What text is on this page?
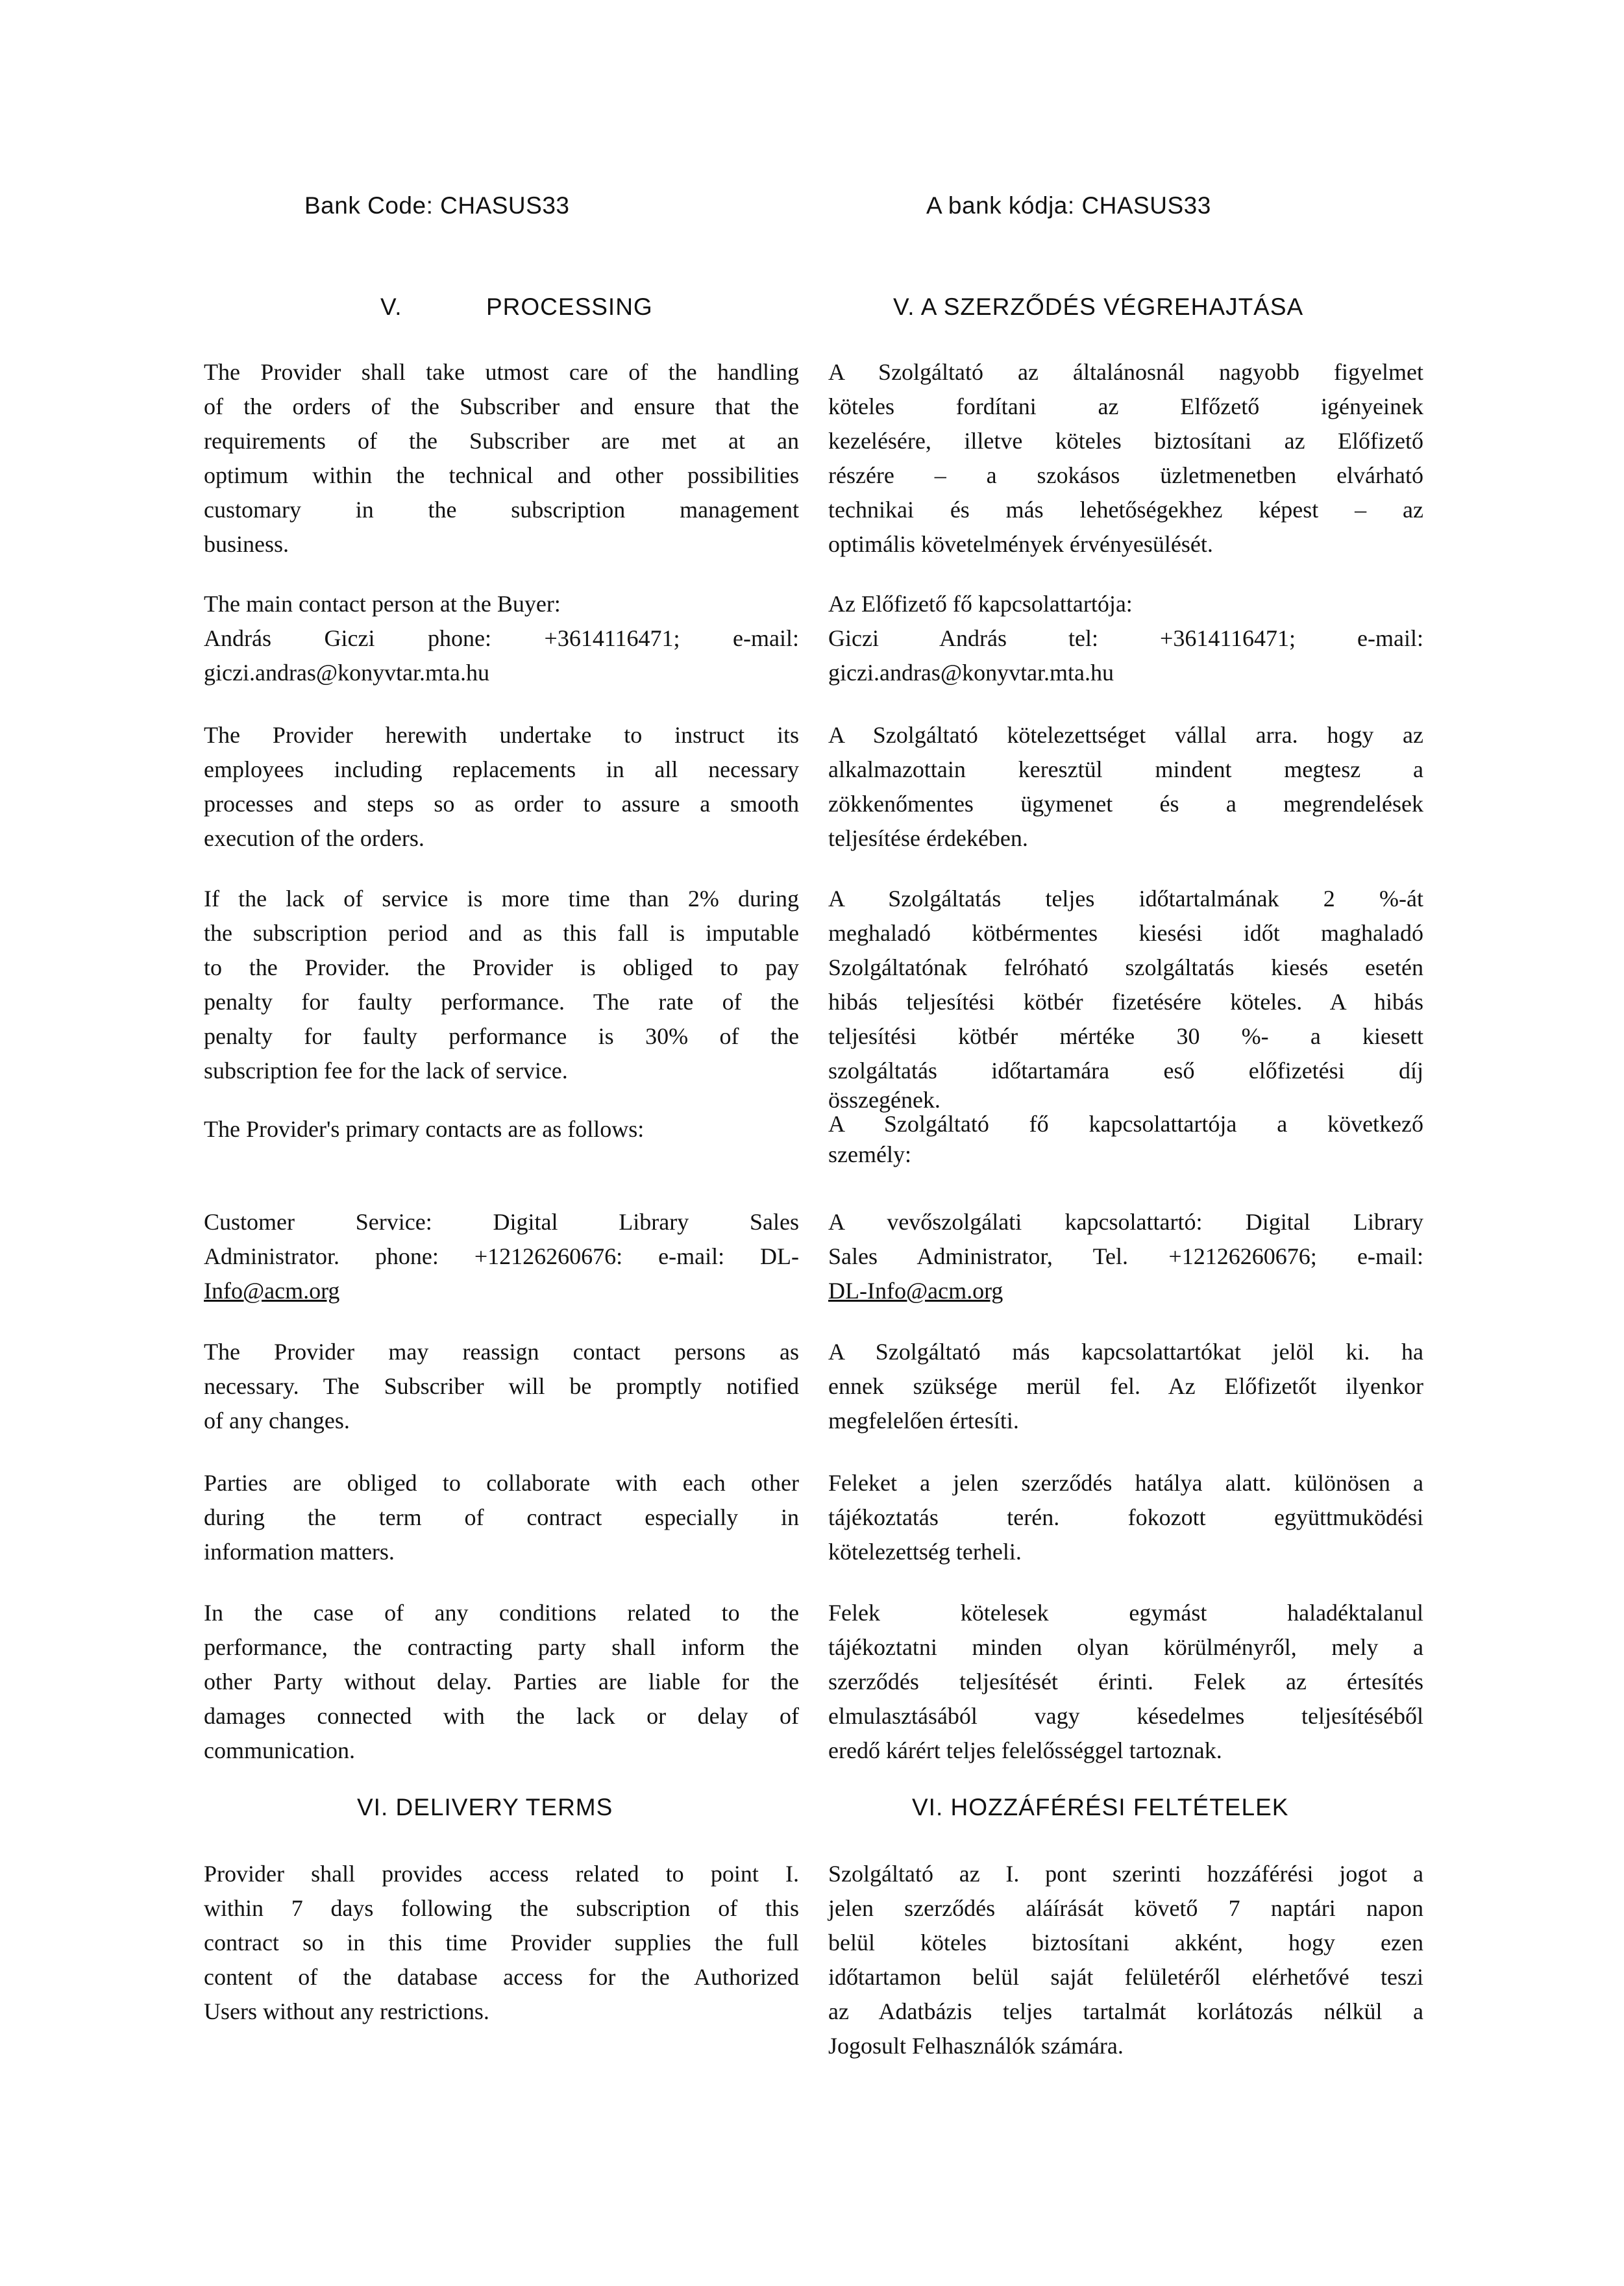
Bank Code: CHASUS33	A bank kódja: CHASUS33
V.	PROCESSING	V. A SZERZŐDÉS VÉGREHAJTÁSA
The Provider shall take utmost care of the handling
of the orders of the Subscriber and ensure that the
requirements of the Subscriber are met at an
optimum within the technical and other possibilities
customary in the subscription management
business.
The main contact person at the Buyer:
András Giczi phone: +3614116471; e-mail:
giczi.andras@konyvtar.mta.hu
The Provider herewith undertake to instruct its
employees including replacements in all necessary
processes and steps so as order to assure a smooth
execution of the orders.
If the lack of service is more time than 2% during
the subscription period and as this fall is imputable
to the Provider. the Provider is obliged to pay
penalty for faulty performance. The rate of the
penalty for faulty performance is 30% of the
subscription fee for the lack of service.
The Provider's primary contacts are as follows:
Customer Service: Digital Library Sales
Administrator. phone: +12126260676: e-mail: DL-
Info@acm.org
The Provider may reassign contact persons as
necessary. The Subscriber will be promptly notified
of any changes.
Parties are obliged to collaborate with each other
during the term of contract especially in
information matters.
In the case of any conditions related to the
performance, the contracting party shall inform the
other Party without delay. Parties are liable for the
damages connected with the lack or delay of
communication.
VI. DELIVERY TERMS	VI. HOZZÁFÉRÉSI FELTÉTELEK
Provider shall provides access related to point I.
within 7 days following the subscription of this
contract so in this time Provider supplies the full
content of the database access for the Authorized
Users without any restrictions.
A Szolgáltató az általánosnál nagyobb figyelmet
köteles fordítani az Elfőzető igényeinek
kezelésére, illetve köteles biztosítani az Előfizető
részére – a szokásos üzletmenetben elvárható
technikai és más lehetőségekhez képest – az
optimális követelmények érvényesülését.
Az Előfizető fő kapcsolattartója:
Giczi András tel: +3614116471; e-mail:
giczi.andras@konyvtar.mta.hu
A Szolgáltató kötelezettséget vállal arra. hogy az
alkalmazottain keresztül mindent megtesz a
zökkenőmentes ügymenet és a megrendelések
teljesítése érdekében.
A Szolgáltatás teljes időtartalmának 2 %-át
meghaladó kötbérmentes kiesési időt maghaladó
Szolgáltatónak felróható szolgáltatás kiesés esetén
hibás teljesítési kötbér fizetésére köteles. A hibás
teljesítési kötbér mértéke 30 %- a kiesett
szolgáltatás időtartamára eső előfizetési díj
összegének.
A Szolgáltató fő kapcsolattartója a következő
személy:
A vevőszolgálati kapcsolattartó: Digital Library
Sales Administrator, Tel. +12126260676; e-mail:
DL-Info@acm.org
A Szolgáltató más kapcsolattartókat jelöl ki. ha
ennek szüksége merül fel. Az Előfizetőt ilyenkor
megfelelően értesíti.
Feleket a jelen szerződés hatálya alatt. különösen a
tájékoztatás terén. fokozott együttmuködési
kötelezettség terheli.
Felek kötelesek egymást haladéktalanul
tájékoztatni minden olyan körülményről, mely a
szerződés teljesítését érinti. Felek az értesítés
elmulasztásából vagy késedelmes teljesítéséből
eredő kárért teljes felelősséggel tartoznak.
Szolgáltató az I. pont szerinti hozzáférési jogot a
jelen szerződés aláírását követő 7 naptári napon
belül köteles biztosítani akként, hogy ezen
időtartamon belül saját felületéről elérhetővé teszi
az Adatbázis teljes tartalmát korlátozás nélkül a
Jogosult Felhasználók számára.
